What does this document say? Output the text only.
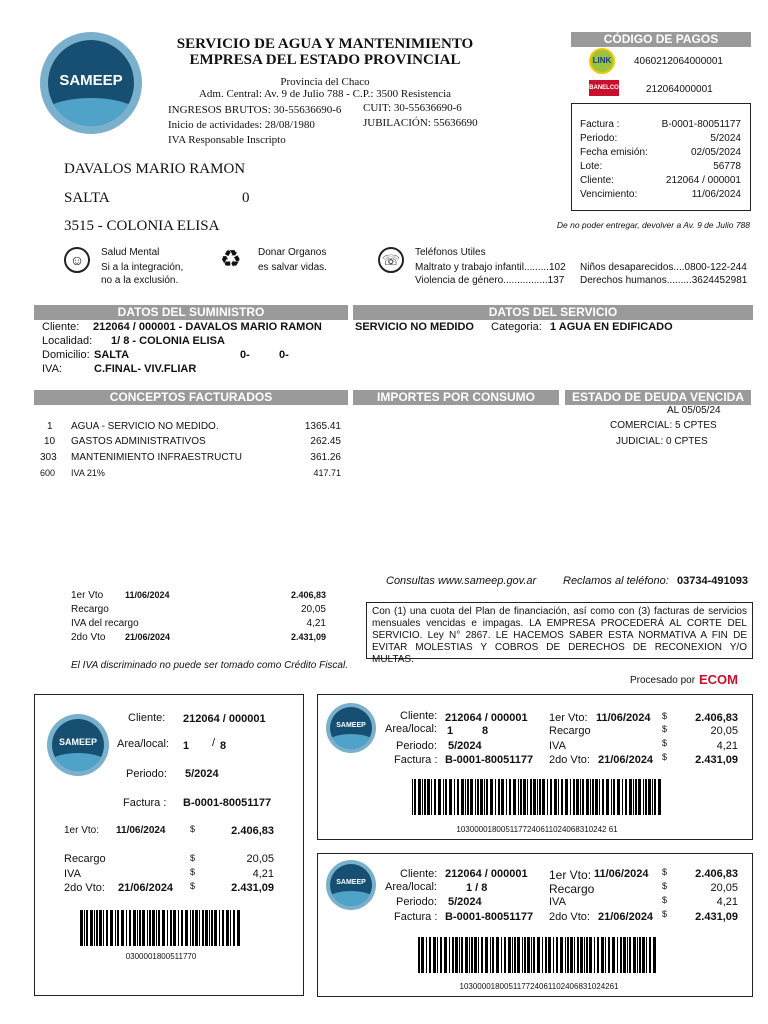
SAMEEP
SERVICIO DE AGUA Y MANTENIMIENTO
EMPRESA DEL ESTADO PROVINCIAL
Provincia del Chaco
Adm. Central: Av. 9 de Julio 788 - C.P.: 3500 Resistencia
INGRESOS BRUTOS: 30-55636690-6 CUIT: 30-55636690-6
Inicio de actividades: 28/08/1980	JUBILACIÓN: 55636690
IVA Responsable Inscripto
CÓDIGO DE PAGOS
LINK	4060212064000001
BANELCO	212064000001
Factura :	B-0001-80051177
Periodo:	5/2024
Fecha emisión:	02/05/2024
Lote:	56778
Cliente:	212064 / 000001
Vencimiento:	11/06/2024
De no poder entregar, devolver a Av. 9 de Julio 788
DAVALOS MARIO RAMON
SALTA	0
3515 - COLONIA ELISA
☺	Salud Mental
Si a la integración,
no a la exclusión.
♻ Donar Organos
es salvar vidas.	☏	Teléfonos Utiles
Maltrato y trabajo infantil.........102
Violencia de género................137
Niños desaparecidos....0800-122-244
Derechos humanos.........3624452981
DATOS DEL SUMINISTRO	DATOS DEL SERVICIO
Cliente: 212064 / 000001 - DAVALOS MARIO RAMON
Localidad: 1/ 8 - COLONIA ELISA
Domicilio: SALTA	0-	0-
IVA:	C.FINAL- VIV.FLIAR
SERVICIO NO MEDIDO Categoria: 1 AGUA EN EDIFICADO
CONCEPTOS FACTURADOS	IMPORTES POR CONSUMO	ESTADO DE DEUDA VENCIDA
1 AGUA - SERVICIO NO MEDIDO.	1365.41
10 GASTOS ADMINISTRATIVOS	262.45
303 MANTENIMIENTO INFRAESTRUCTU	361.26
600 IVA 21%	417.71
AL 05/05/24
COMERCIAL: 5 CPTES
JUDICIAL: 0 CPTES
Consultas www.sameep.gov.ar Reclamos al teléfono: 03734-491093
1er Vto 11/06/2024	2.406,83
Recargo	20,05
IVA del recargo	4,21
2do Vto 21/06/2024	2.431,09
El IVA discriminado no puede ser tomado como Crédito Fiscal.
Con (1) una cuota del Plan de financiación, así como con (3) facturas de servicios mensuales vencidas e impagas. LA EMPRESA PROCEDERÁ AL CORTE DEL SERVICIO. Ley N° 2867. LE HACEMOS SABER ESTA NORMATIVA A FIN DE EVITAR MOLESTIAS Y COBROS DE DERECHOS DE RECONEXION Y/O MULTAS.
Procesado por ECOM
SAMEEP
Cliente: 212064 / 000001
Area/local: 1 / 8
Periodo: 5/2024
Factura : B-0001-80051177
1er Vto: 11/06/2024	$	2.406,83
Recargo	$	20,05
IVA	$	4,21
2do Vto: 21/06/2024 $	2.431,09
0300001800511770
SAMEEP
Cliente: 212064 / 000001
Area/local: 1	8
Periodo: 5/2024
Factura : B-0001-80051177
1er Vto: 11/06/2024 $	2.406,83
Recargo	$	20,05
IVA	$	4,21
2do Vto: 21/06/2024 $	2.431,09
1030000180051177240611024068310242 61
SAMEEP
Cliente: 212064 / 000001
Area/local:	1 / 8
Periodo: 5/2024
Factura : B-0001-80051177
1er Vto: 11/06/2024 $	2.406,83
Recargo	$	20,05
IVA	$	4,21
2do Vto: 21/06/2024 $	2.431,09
103000018005117724061102406831024261
